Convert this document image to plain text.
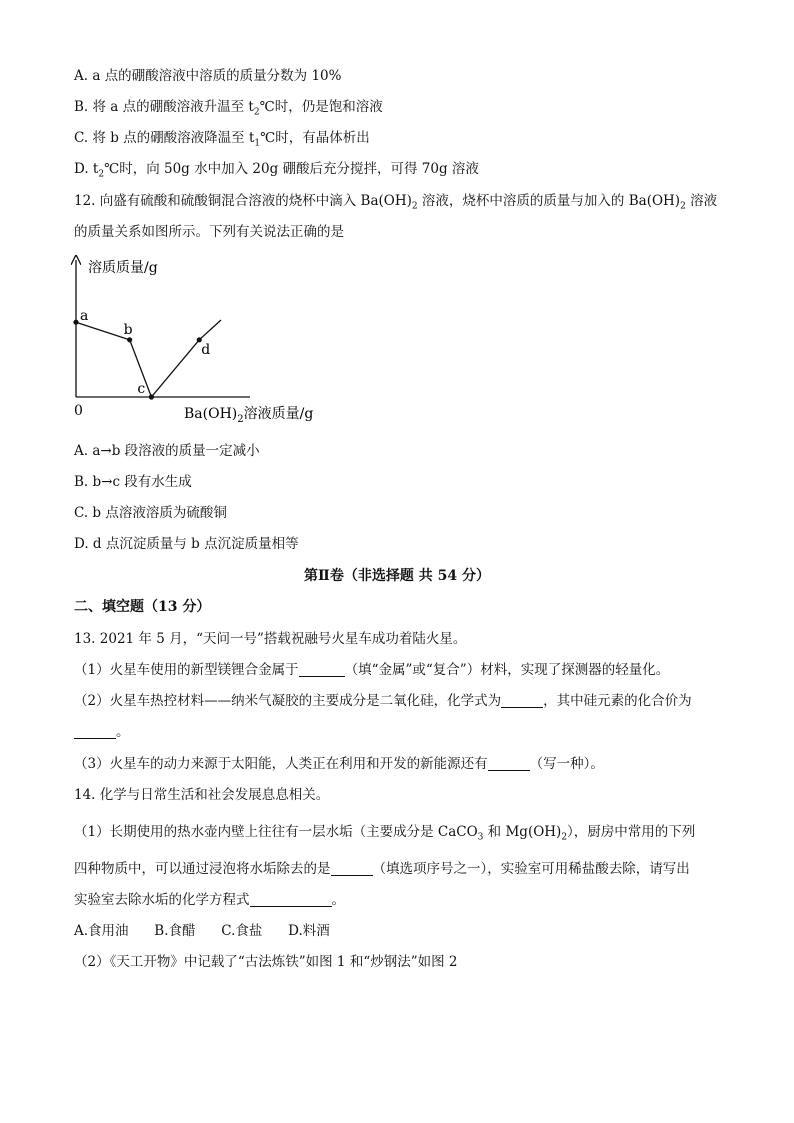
A. a 点的硼酸溶液中溶质的质量分数为 10%
B. 将 a 点的硼酸溶液升温至 $t_2℃$时，仍是饱和溶液
C. 将 b 点的硼酸溶液降温至 $t_1℃$时，有晶体析出
D. $t_2℃$时，向 50g 水中加入 20g 硼酸后充分搅拌，可得 70g 溶液
12. 向盛有硫酸和硫酸铜混合溶液的烧杯中滴入 $Ba(OH)_2$ 溶液，烧杯中溶质的质量与加入的 $Ba(OH)_2$ 溶液
的质量关系如图所示。下列有关说法正确的是
溶质质量/g
0	$Ba(OH)_2$溶液质量/g
a
b
c
d
A. a→b 段溶液的质量一定减小
B. b→c 段有水生成
C. b 点溶液溶质为硫酸铜
D. d 点沉淀质量与 b 点沉淀质量相等
第Ⅱ卷（非选择题 共 54 分）
二、填空题（13 分）
13. 2021 年 5 月，“天问一号”搭载祝融号火星车成功着陆火星。
（1）火星车使用的新型镁锂合金属于	（填“金属”或“复合”）材料，实现了探测器的轻量化。
（2）火星车热控材料——纳米气凝胶的主要成分是二氧化硅，化学式为	，其中硅元素的化合价为
。
（3）火星车的动力来源于太阳能，人类正在利用和开发的新能源还有	（写一种）。
14. 化学与日常生活和社会发展息息相关。
（1）长期使用的热水壶内壁上往往有一层水垢（主要成分是 CaCO$_3$ 和 $Mg(OH)_2$），厨房中常用的下列
四种物质中，可以通过浸泡将水垢除去的是	（填选项序号之一），实验室可用稀盐酸去除，请写出
实验室去除水垢的化学方程式	。
A.食用油      B.食醋      C.食盐      D.料酒
（2）《天工开物》中记载了“古法炼铁”如图 1 和“炒钢法”如图 2
